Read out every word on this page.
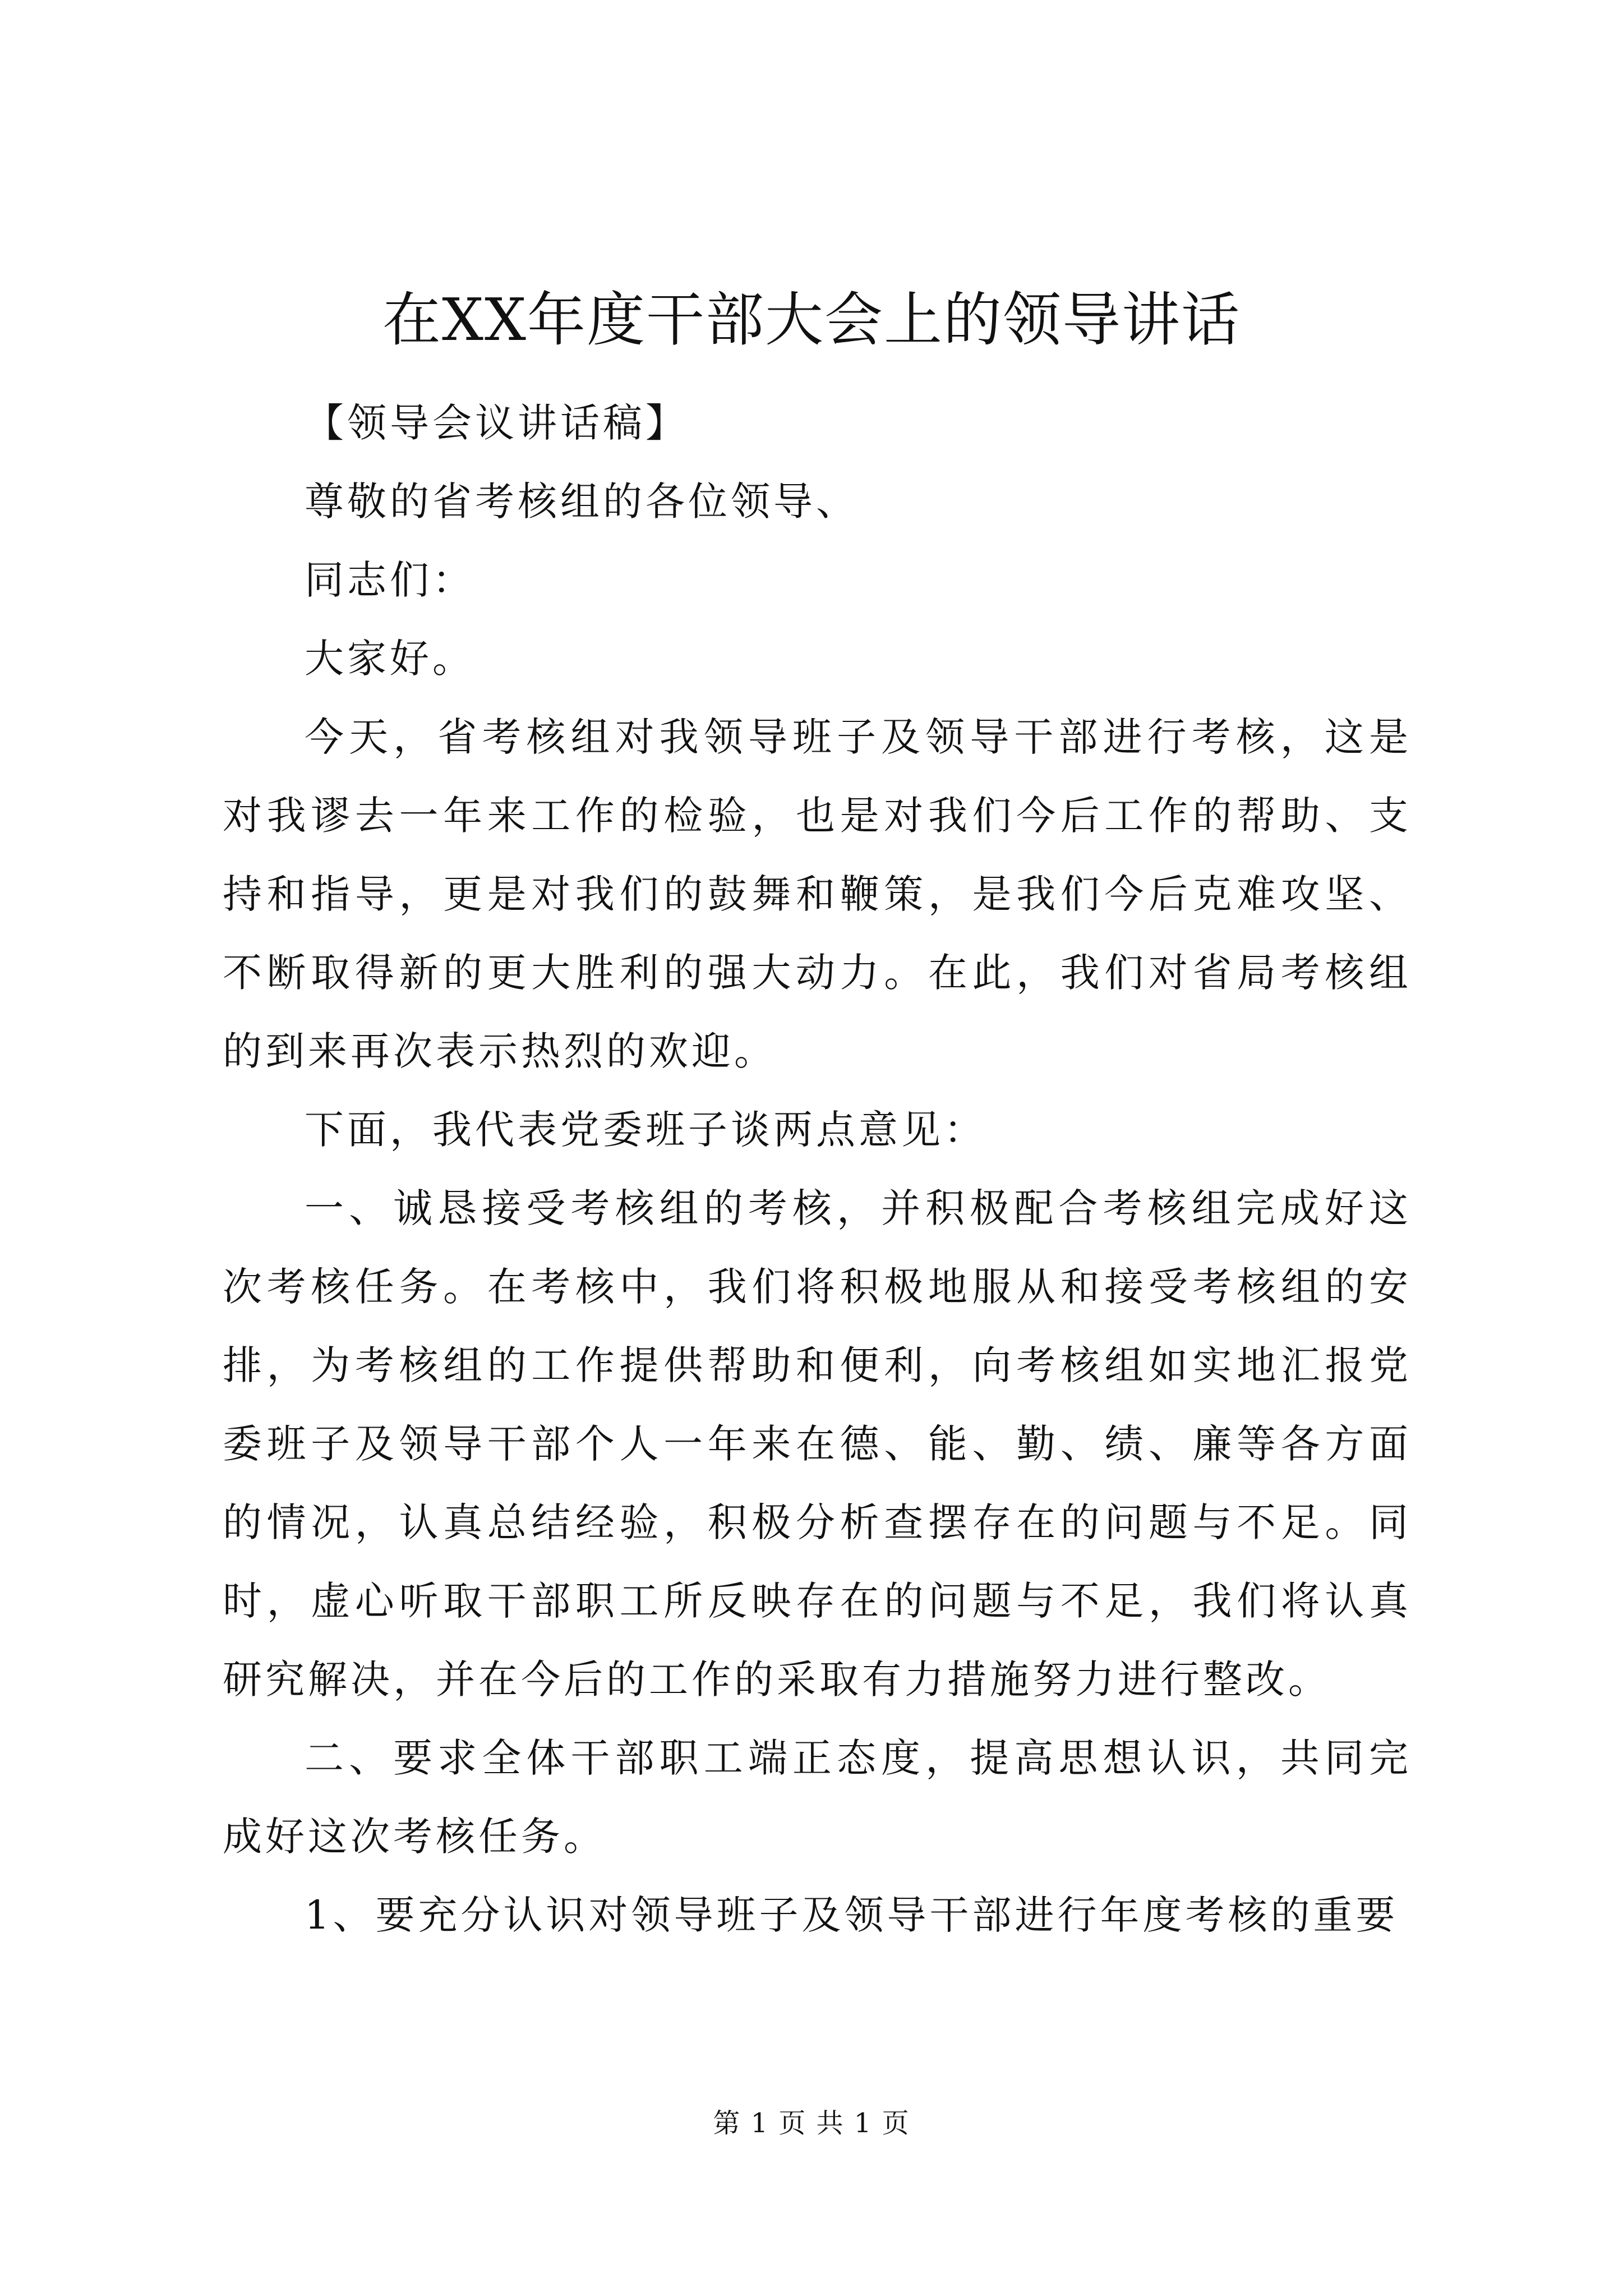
在XX年度干部大会上的领导讲话

【领导会议讲话稿】

尊敬的省考核组的各位领导、

同志们：

大家好。

今天，省考核组对我领导班子及领导干部进行考核，这是对我谬去一年来工作的检验，也是对我们今后工作的帮助、支持和指导，更是对我们的鼓舞和鞭策，是我们今后克难攻坚、不断取得新的更大胜利的强大动力。在此，我们对省局考核组的到来再次表示热烈的欢迎。

下面，我代表党委班子谈两点意见：

一、诚恳接受考核组的考核，并积极配合考核组完成好这次考核任务。在考核中，我们将积极地服从和接受考核组的安排，为考核组的工作提供帮助和便利，向考核组如实地汇报党委班子及领导干部个人一年来在德、能、勤、绩、廉等各方面的情况，认真总结经验，积极分析查摆存在的问题与不足。同时，虚心听取干部职工所反映存在的问题与不足，我们将认真研究解决，并在今后的工作的采取有力措施努力进行整改。

二、要求全体干部职工端正态度，提高思想认识，共同完成好这次考核任务。

1、要充分认识对领导班子及领导干部进行年度考核的重要

第 1 页 共 1 页
